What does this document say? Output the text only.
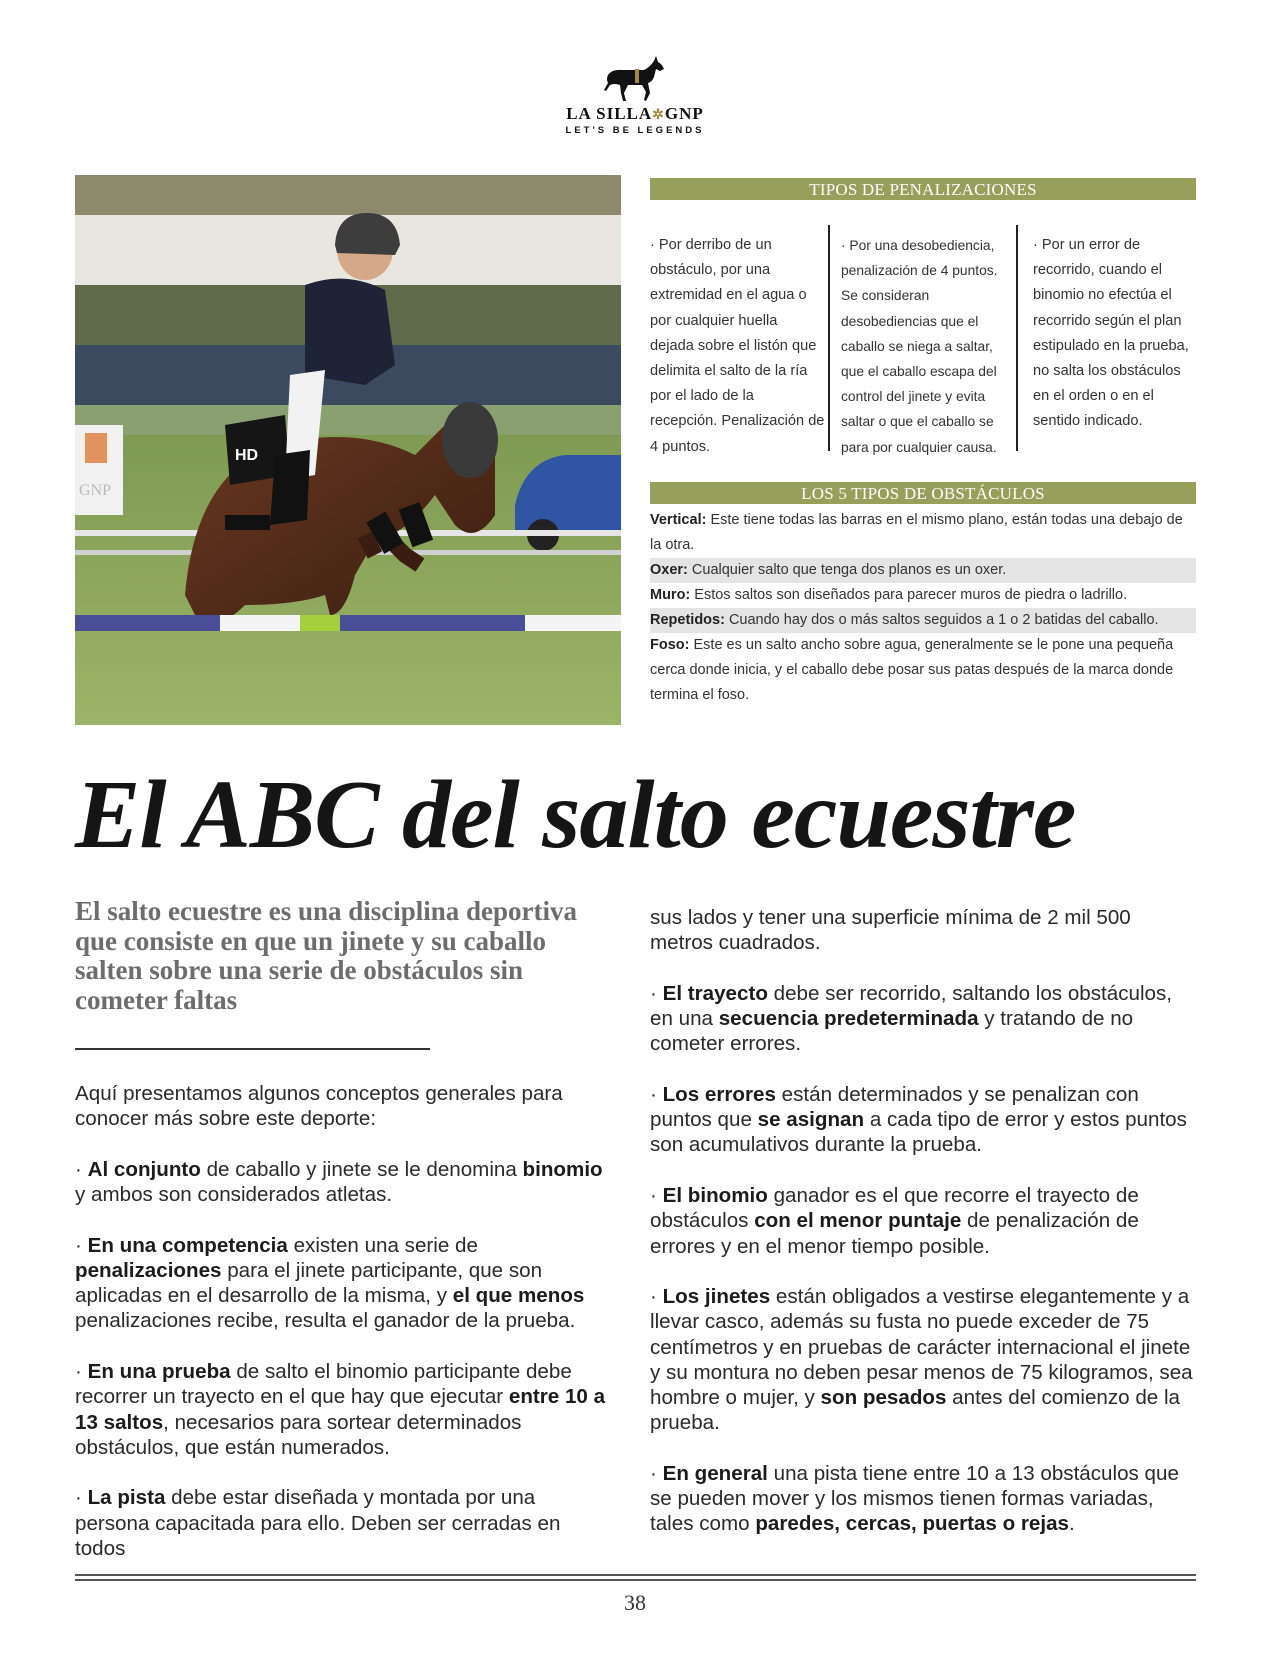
LA SILLA✲GNP
LET'S BE LEGENDS
GNP
HD
TIPOS DE PENALIZACIONES
· Por derribo de un obstáculo, por una extremidad en el agua o por cualquier huella dejada sobre el listón que delimita el salto de la ría por el lado de la recepción. Penalización de 4 puntos.
· Por una desobediencia, penalización de 4 puntos. Se consideran desobediencias que el caballo se niega a saltar, que el caballo escapa del control del jinete y evita saltar o que el caballo se para por cualquier causa.
· Por un error de recorrido, cuando el binomio no efectúa el recorrido según el plan estipulado en la prueba, no salta los obstáculos en el orden o en el sentido indicado.
LOS 5 TIPOS DE OBSTÁCULOS
Vertical: Este tiene todas las barras en el mismo plano, están todas una debajo de la otra.
Oxer: Cualquier salto que tenga dos planos es un oxer.
Muro: Estos saltos son diseñados para parecer muros de piedra o ladrillo.
Repetidos: Cuando hay dos o más saltos seguidos a 1 o 2 batidas del caballo.
Foso: Este es un salto ancho sobre agua, generalmente se le pone una pequeña cerca donde inicia, y el caballo debe posar sus patas después de la marca donde termina el foso.
El ABC del salto ecuestre
El salto ecuestre es una disciplina deportiva que consiste en que un jinete y su caballo salten sobre una serie de obstáculos sin cometer faltas

Aquí presentamos algunos conceptos generales para conocer más sobre este deporte:

· Al conjunto de caballo y jinete se le denomina binomio y ambos son considerados atletas.

· En una competencia existen una serie de penalizaciones para el jinete participante, que son aplicadas en el desarrollo de la misma, y el que menos penalizaciones recibe, resulta el ganador de la prueba.

· En una prueba de salto el binomio participante debe recorrer un trayecto en el que hay que ejecutar entre 10 a 13 saltos, necesarios para sortear determinados obstáculos, que están numerados.

· La pista debe estar diseñada y montada por una persona capacitada para ello. Deben ser cerradas en todos

sus lados y tener una superficie mínima de 2 mil 500 metros cuadrados.

· El trayecto debe ser recorrido, saltando los obstáculos, en una secuencia predeterminada y tratando de no cometer errores.

· Los errores están determinados y se penalizan con puntos que se asignan a cada tipo de error y estos puntos son acumulativos durante la prueba.

· El binomio ganador es el que recorre el trayecto de obstáculos con el menor puntaje de penalización de errores y en el menor tiempo posible.

· Los jinetes están obligados a vestirse elegantemente y a llevar casco, además su fusta no puede exceder de 75 centímetros y en pruebas de carácter internacional el jinete y su montura no deben pesar menos de 75 kilogramos, sea hombre o mujer, y son pesados antes del comienzo de la prueba.

· En general una pista tiene entre 10 a 13 obstáculos que se pueden mover y los mismos tienen formas variadas, tales como paredes, cercas, puertas o rejas.

38
